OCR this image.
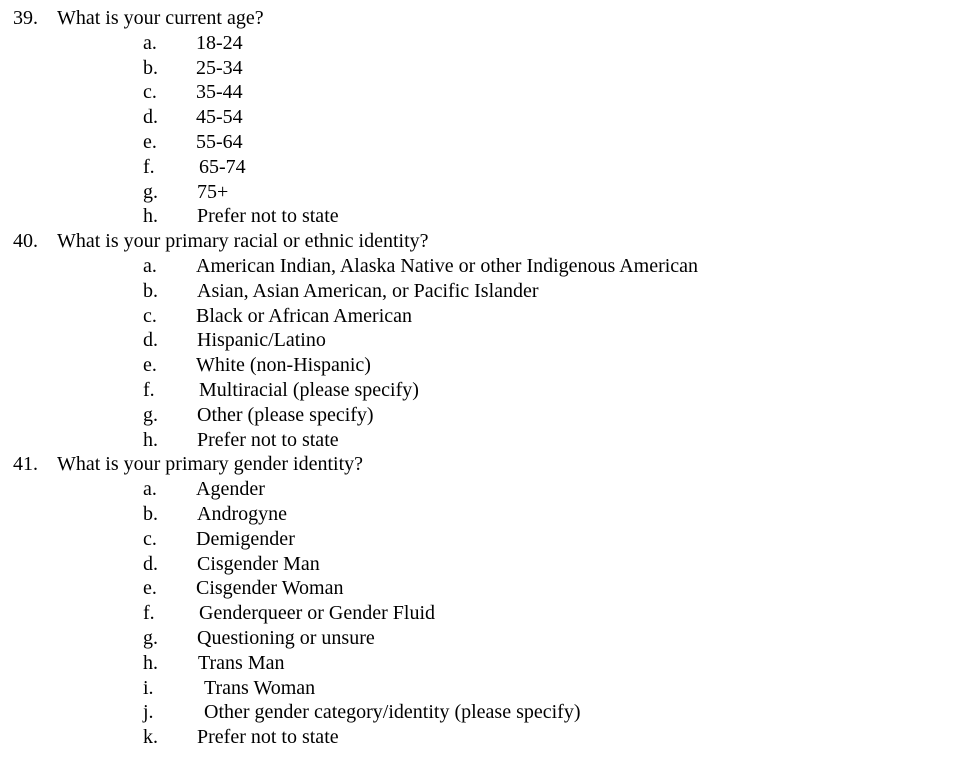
39. What is your current age?
a. 18-24
b. 25-34
c. 35-44
d. 45-54
e. 55-64
f. 65-74
g. 75+
h. Prefer not to state
40. What is your primary racial or ethnic identity?
a. American Indian, Alaska Native or other Indigenous American
b. Asian, Asian American, or Pacific Islander
c. Black or African American
d. Hispanic/Latino
e. White (non-Hispanic)
f. Multiracial (please specify)
g. Other (please specify)
h. Prefer not to state
41. What is your primary gender identity?
a. Agender
b. Androgyne
c. Demigender
d. Cisgender Man
e. Cisgender Woman
f. Genderqueer or Gender Fluid
g. Questioning or unsure
h. Trans Man
i.	Trans Woman
j.	Other gender category/identity (please specify)
k. Prefer not to state
